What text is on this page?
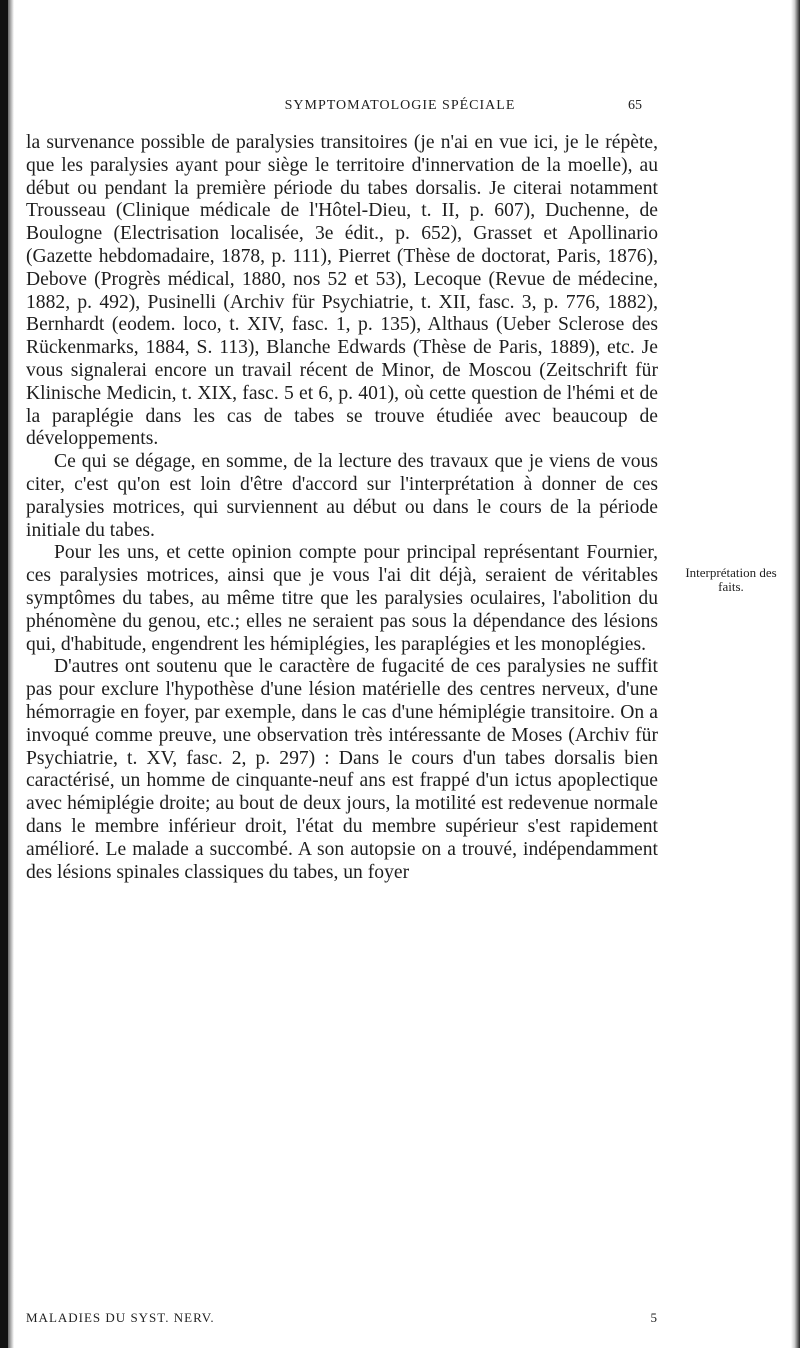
SYMPTOMATOLOGIE SPÉCIALE	65

la survenance possible de paralysies transitoires (je n'ai en vue ici, je le répète, que les paralysies ayant pour siège le territoire d'innervation de la moelle), au début ou pendant la première période du tabes dorsalis. Je citerai notamment Trousseau (Clinique médicale de l'Hôtel-Dieu, t. II, p. 607), Duchenne, de Boulogne (Electrisation localisée, 3e édit., p. 652), Grasset et Apollinario (Gazette hebdomadaire, 1878, p. 111), Pierret (Thèse de doctorat, Paris, 1876), Debove (Progrès médical, 1880, nos 52 et 53), Lecoque (Revue de médecine, 1882, p. 492), Pusinelli (Archiv für Psychiatrie, t. XII, fasc. 3, p. 776, 1882), Bernhardt (eodem. loco, t. XIV, fasc. 1, p. 135), Althaus (Ueber Sclerose des Rückenmarks, 1884, S. 113), Blanche Edwards (Thèse de Paris, 1889), etc. Je vous signalerai encore un travail récent de Minor, de Moscou (Zeitschrift für Klinische Medicin, t. XIX, fasc. 5 et 6, p. 401), où cette question de l'hémi et de la paraplégie dans les cas de tabes se trouve étudiée avec beaucoup de développements.

Ce qui se dégage, en somme, de la lecture des travaux que je viens de vous citer, c'est qu'on est loin d'être d'accord sur l'interprétation à donner de ces paralysies motrices, qui surviennent au début ou dans le cours de la période initiale du tabes.

Pour les uns, et cette opinion compte pour principal représentant Fournier, ces paralysies motrices, ainsi que je vous l'ai dit déjà, seraient de véritables symptômes du tabes, au même titre que les paralysies oculaires, l'abolition du phénomène du genou, etc.; elles ne seraient pas sous la dépendance des lésions qui, d'habitude, engendrent les hémiplégies, les paraplégies et les monoplégies.

D'autres ont soutenu que le caractère de fugacité de ces paralysies ne suffit pas pour exclure l'hypothèse d'une lésion matérielle des centres nerveux, d'une hémorragie en foyer, par exemple, dans le cas d'une hémiplégie transitoire. On a invoqué comme preuve, une observation très intéressante de Moses (Archiv für Psychiatrie, t. XV, fasc. 2, p. 297) : Dans le cours d'un tabes dorsalis bien caractérisé, un homme de cinquante-neuf ans est frappé d'un ictus apoplectique avec hémiplégie droite; au bout de deux jours, la motilité est redevenue normale dans le membre inférieur droit, l'état du membre supérieur s'est rapidement amélioré. Le malade a succombé. A son autopsie on a trouvé, indépendamment des lésions spinales classiques du tabes, un foyer

Interprétation des faits.
MALADIES DU SYST. NERV.	5
